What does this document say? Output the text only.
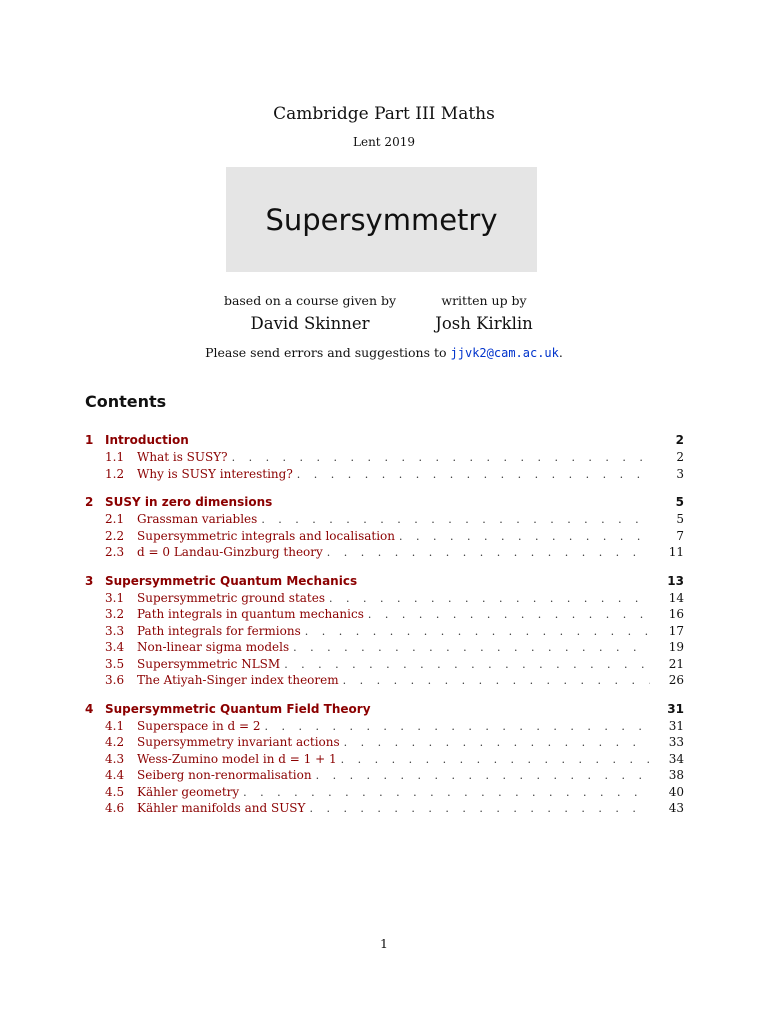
Cambridge Part III Maths
Lent 2019
Supersymmetry
based on a course given by
David Skinner
written up by
Josh Kirklin
Please send errors and suggestions to jjvk2@cam.ac.uk.
Contents
1 Introduction	2
1.1	What is SUSY? . . .	2
1.2	Why is SUSY interesting? . . .	3
2 SUSY in zero dimensions	5
2.1	Grassman variables . . .	5
2.2	Supersymmetric integrals and localisation . . .	7
2.3	d = 0 Landau-Ginzburg theory . . .	11
3 Supersymmetric Quantum Mechanics	13
3.1	Supersymmetric ground states . . .	14
3.2	Path integrals in quantum mechanics . . .	16
3.3	Path integrals for fermions . . .	17
3.4	Non-linear sigma models . . .	19
3.5	Supersymmetric NLSM . . .	21
3.6	The Atiyah-Singer index theorem . . .	26
4 Supersymmetric Quantum Field Theory	31
4.1	Superspace in d = 2 . . .	31
4.2	Supersymmetry invariant actions . . .	33
4.3	Wess-Zumino model in d = 1 + 1 . . .	34
4.4	Seiberg non-renormalisation . . .	38
4.5	Kähler geometry . . .	40
4.6	Kähler manifolds and SUSY . . .	43
1
